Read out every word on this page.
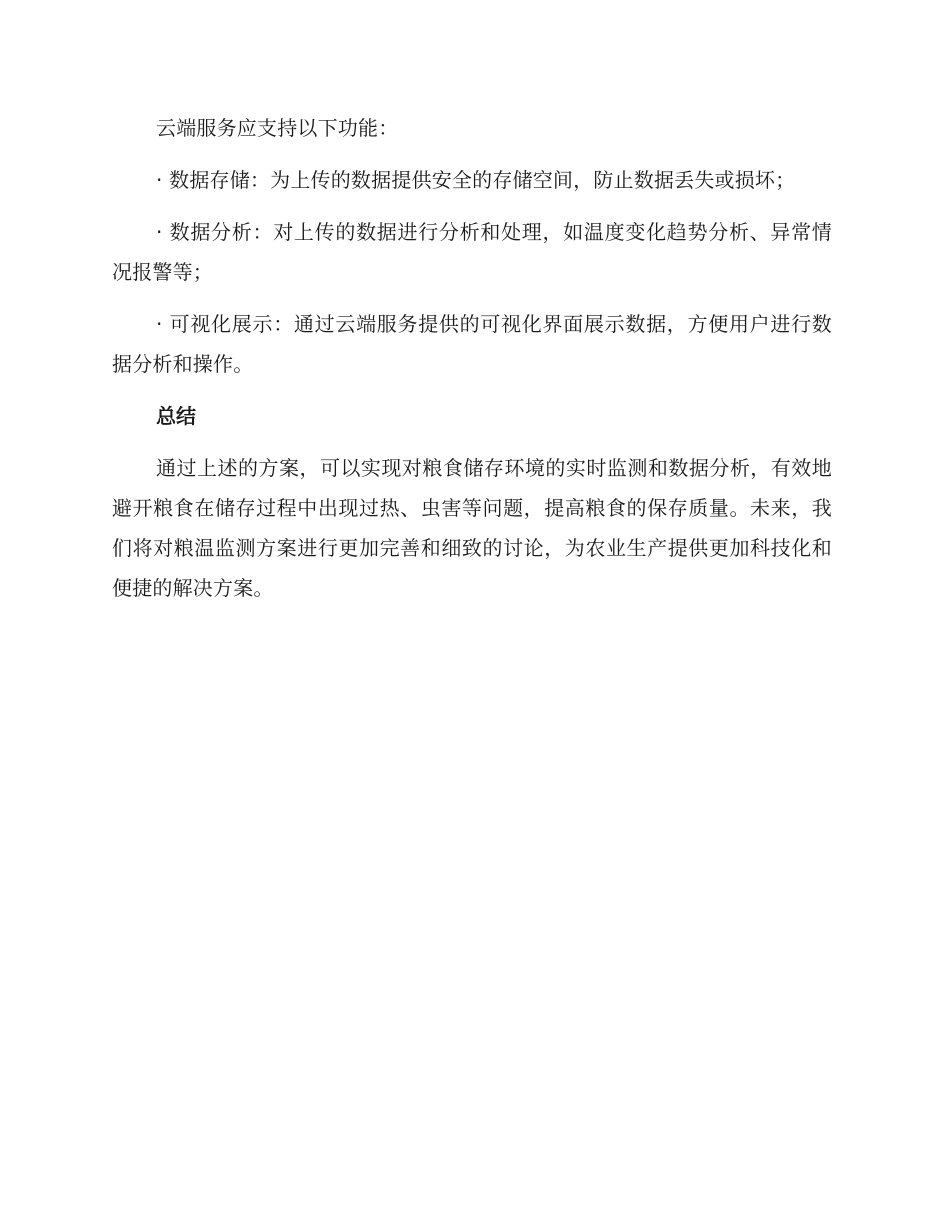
云端服务应支持以下功能：

· 数据存储：为上传的数据提供安全的存储空间，防止数据丢失或损坏；

· 数据分析：对上传的数据进行分析和处理，如温度变化趋势分析、异常情况报警等；

· 可视化展示：通过云端服务提供的可视化界面展示数据，方便用户进行数据分析和操作。

总结

通过上述的方案，可以实现对粮食储存环境的实时监测和数据分析，有效地避开粮食在储存过程中出现过热、虫害等问题，提高粮食的保存质量。未来，我们将对粮温监测方案进行更加完善和细致的讨论，为农业生产提供更加科技化和便捷的解决方案。
